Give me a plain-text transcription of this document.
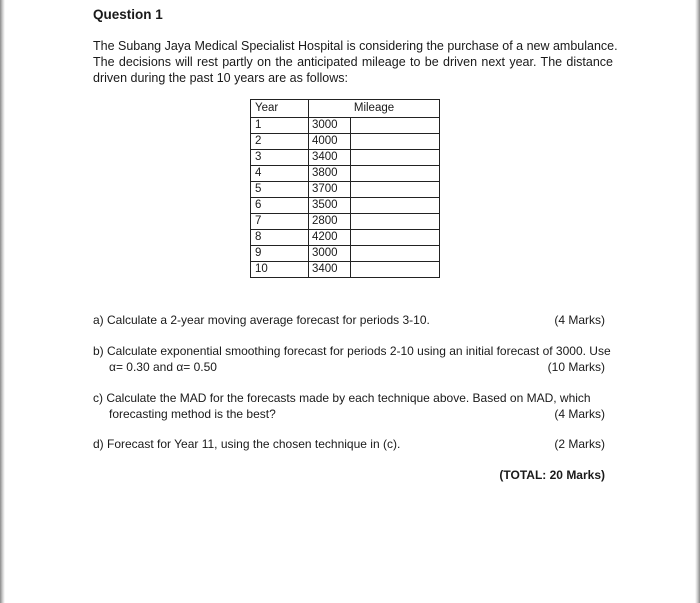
Question 1
The Subang Jaya Medical Specialist Hospital is considering the purchase of a new ambulance.
The decisions will rest partly on the anticipated mileage to be driven next year. The distance
driven during the past 10 years are as follows:
Year	Mileage
1	3000
2	4000
3	3400
4	3800
5	3700
6	3500
7	2800
8	4200
9	3000
10	3400
a) Calculate a 2-year moving average forecast for periods 3-10.	(4 Marks)
b) Calculate exponential smoothing forecast for periods 2-10 using an initial forecast of 3000. Use
α= 0.30 and α= 0.50	(10 Marks)
c) Calculate the MAD for the forecasts made by each technique above. Based on MAD, which
forecasting method is the best?	(4 Marks)
d) Forecast for Year 11, using the chosen technique in (c).	(2 Marks)
(TOTAL: 20 Marks)
